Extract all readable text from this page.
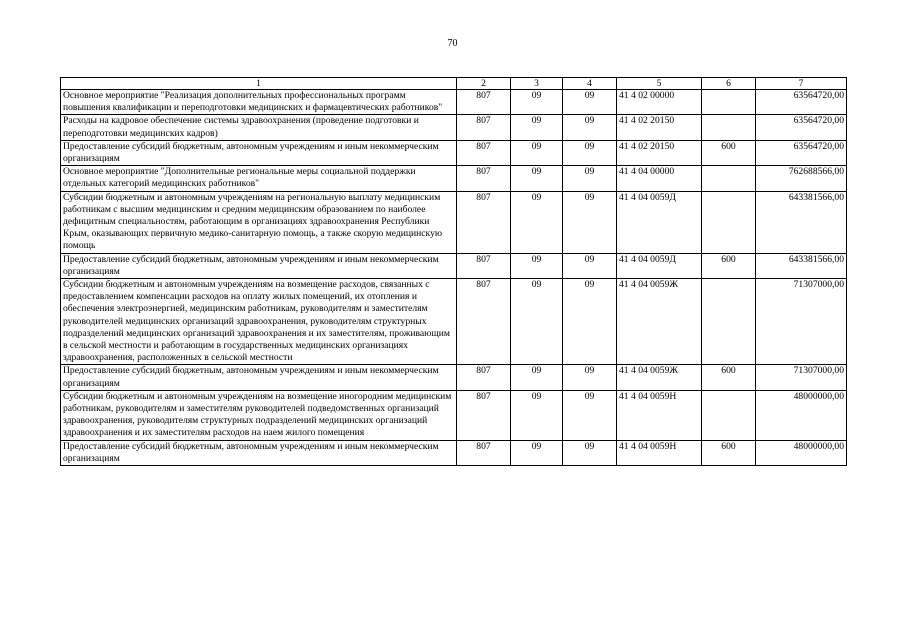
70
1	2	3	4	5	6	7
Основное мероприятие "Реализация дополнительных профессиональных программ повышения квалификации и переподготовки медицинских и фармацевтических работников"	807	09	09	41 4 02 00000		63564720,00
Расходы на кадровое обеспечение системы здравоохранения (проведение подготовки и переподготовки медицинских кадров)	807	09	09	41 4 02 20150		63564720,00
Предоставление субсидий бюджетным, автономным учреждениям и иным некоммерческим организациям	807	09	09	41 4 02 20150	600	63564720,00
Основное мероприятие "Дополнительные региональные меры социальной поддержки отдельных категорий медицинских работников"	807	09	09	41 4 04 00000		762688566,00
Субсидии бюджетным и автономным учреждениям на региональную выплату медицинским работникам с высшим медицинским и средним медицинским образованием по наиболее дефицитным специальностям, работающим в организациях здравоохранения Республики Крым, оказывающих первичную медико-санитарную помощь, а также скорую медицинскую помощь	807	09	09	41 4 04 0059Д		643381566,00
Предоставление субсидий бюджетным, автономным учреждениям и иным некоммерческим организациям	807	09	09	41 4 04 0059Д	600	643381566,00
Субсидии бюджетным и автономным учреждениям на возмещение расходов, связанных с предоставлением компенсации расходов на оплату жилых помещений, их отопления и обеспечения электроэнергией, медицинским работникам, руководителям и заместителям руководителей медицинских организаций здравоохранения, руководителям структурных подразделений медицинских организаций здравоохранения и их заместителям, проживающим в сельской местности и работающим в государственных медицинских организациях здравоохранения, расположенных в сельской местности	807	09	09	41 4 04 0059Ж		71307000,00
Предоставление субсидий бюджетным, автономным учреждениям и иным некоммерческим организациям	807	09	09	41 4 04 0059Ж	600	71307000,00
Субсидии бюджетным и автономным учреждениям на возмещение иногородним медицинским работникам, руководителям и заместителям руководителей подведомственных организаций здравоохранения, руководителям структурных подразделений медицинских организаций здравоохранения и их заместителям расходов на наем жилого помещения	807	09	09	41 4 04 0059Н		48000000,00
Предоставление субсидий бюджетным, автономным учреждениям и иным некоммерческим организациям	807	09	09	41 4 04 0059Н	600	48000000,00
